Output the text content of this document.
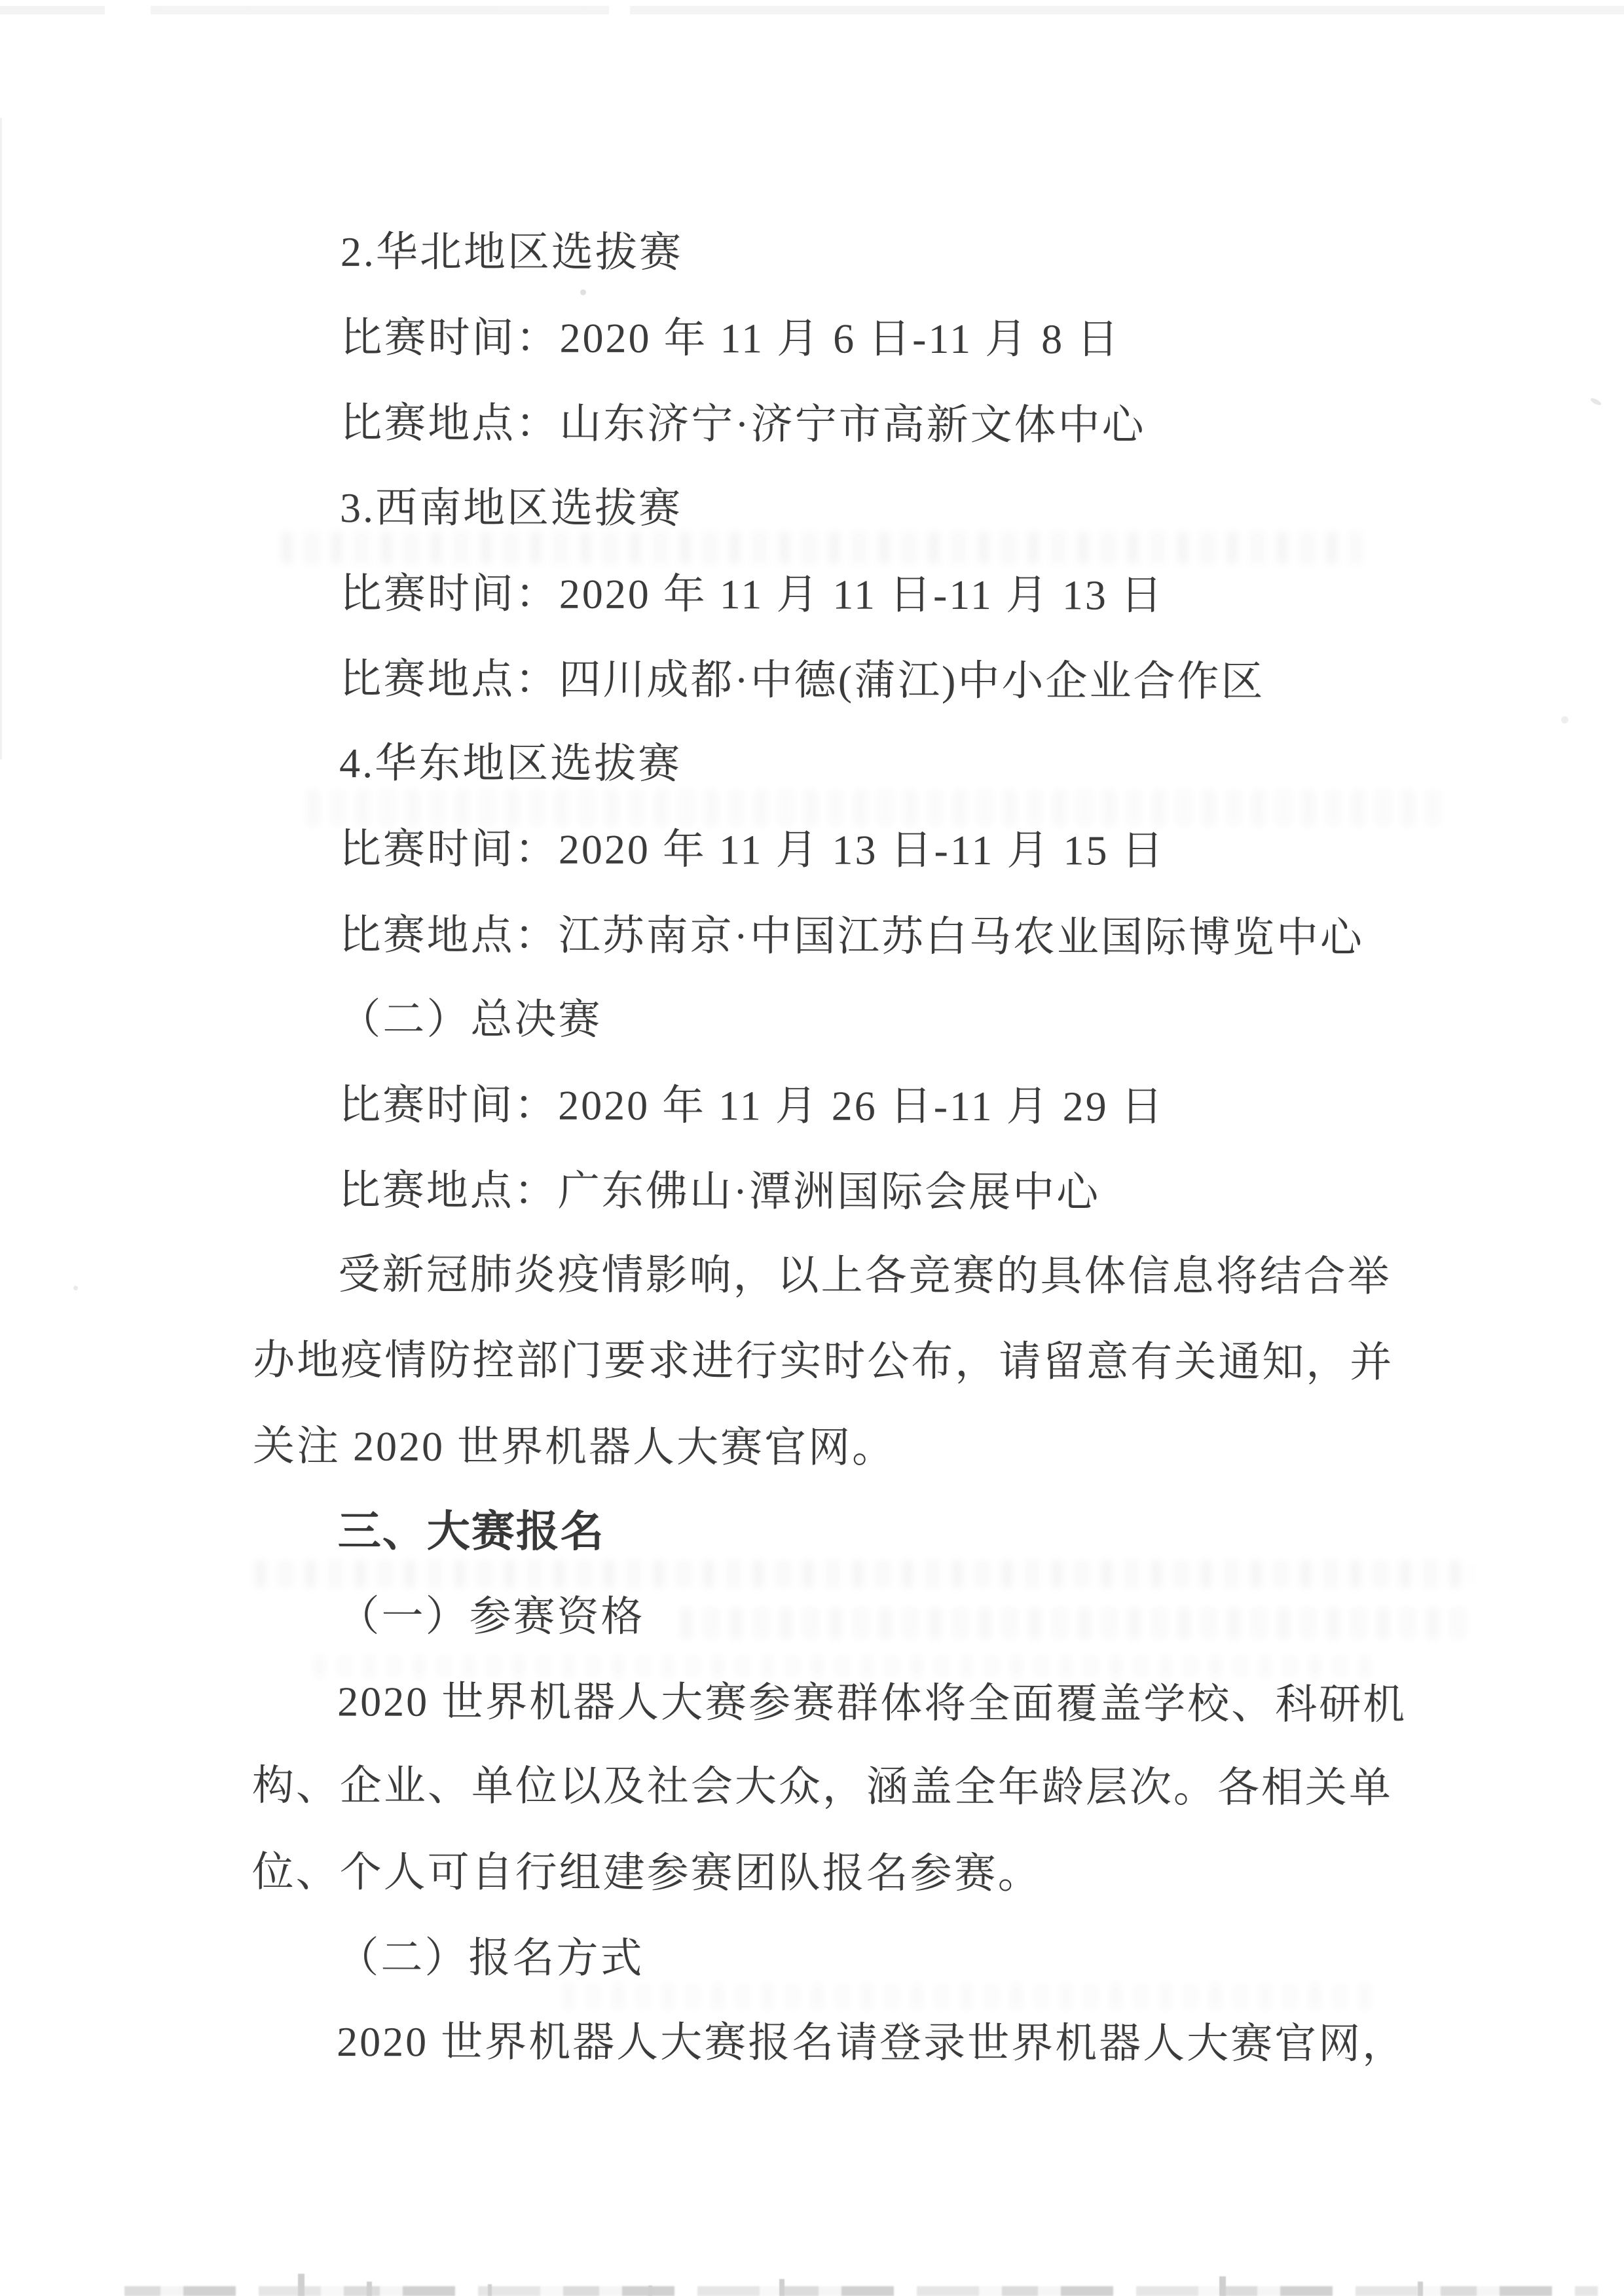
2.华北地区选拔赛
比赛时间：2020 年 11 月 6 日-11 月 8 日
比赛地点：山东济宁·济宁市高新文体中心
3.西南地区选拔赛
比赛时间：2020 年 11 月 11 日-11 月 13 日
比赛地点：四川成都·中德(蒲江)中小企业合作区
4.华东地区选拔赛
比赛时间：2020 年 11 月 13 日-11 月 15 日
比赛地点：江苏南京·中国江苏白马农业国际博览中心
（二）总决赛
比赛时间：2020 年 11 月 26 日-11 月 29 日
比赛地点：广东佛山·潭洲国际会展中心
受新冠肺炎疫情影响，以上各竞赛的具体信息将结合举
办地疫情防控部门要求进行实时公布，请留意有关通知，并
关注 2020 世界机器人大赛官网。
三、大赛报名
（一）参赛资格
2020 世界机器人大赛参赛群体将全面覆盖学校、科研机
构、企业、单位以及社会大众，涵盖全年龄层次。各相关单
位、个人可自行组建参赛团队报名参赛。
（二）报名方式
2020 世界机器人大赛报名请登录世界机器人大赛官网，
